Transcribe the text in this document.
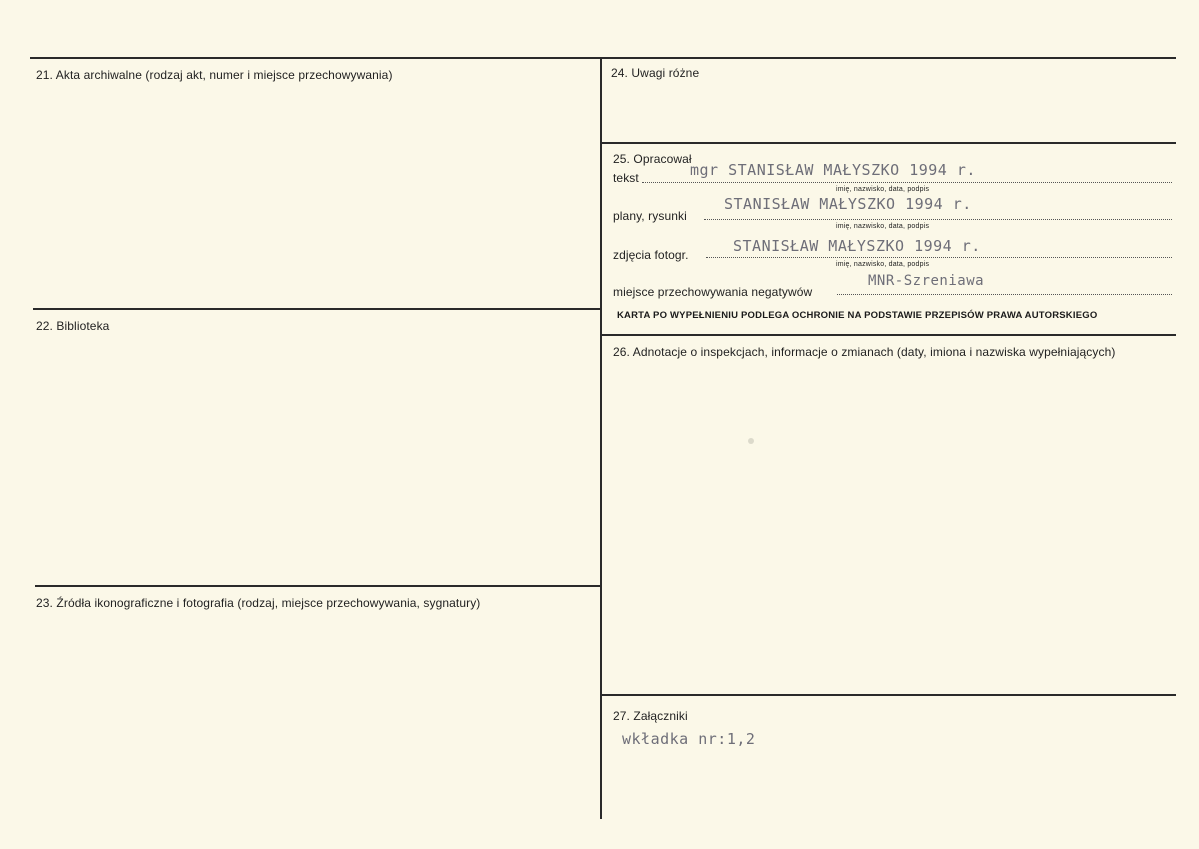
21. Akta archiwalne (rodzaj akt, numer i miejsce przechowywania)
22. Biblioteka
23. Źródła ikonograficzne i fotografia (rodzaj, miejsce przechowywania, sygnatury)
24. Uwagi różne
25. Opracował
tekst	mgr STANISŁAW MAŁYSZKO 1994 r.
imię, nazwisko, data, podpis
plany, rysunki
STANISŁAW MAŁYSZKO 1994 r.
imię, nazwisko, data, podpis
zdjęcia fotogr.	STANISŁAW MAŁYSZKO 1994 r.
imię, nazwisko, data, podpis
miejsce przechowywania negatywów
MNR-Szreniawa
KARTA PO WYPEŁNIENIU PODLEGA OCHRONIE NA PODSTAWIE PRZEPISÓW PRAWA AUTORSKIEGO
26. Adnotacje o inspekcjach, informacje o zmianach (daty, imiona i nazwiska wypełniających)
27. Załączniki
wkładka nr:1,2
